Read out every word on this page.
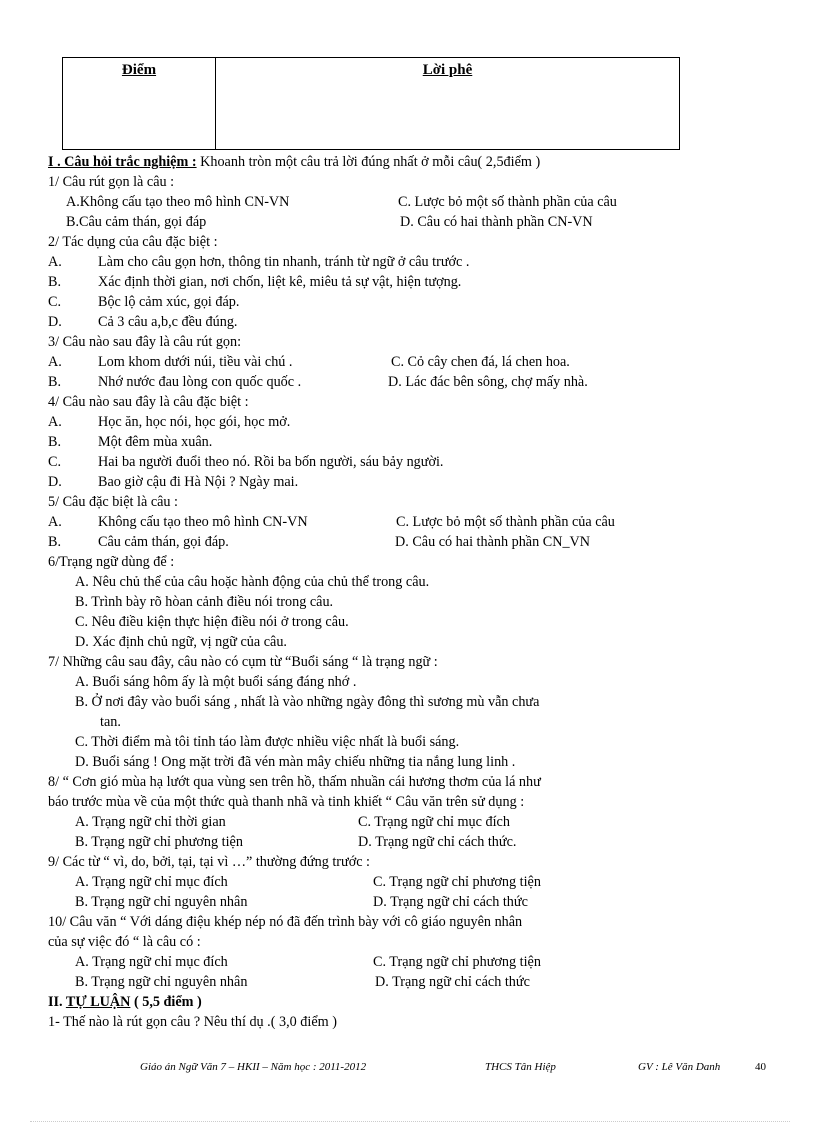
Điểm	Lời phê
I . Câu hỏi trắc nghiệm : Khoanh tròn một câu trả lời đúng nhất ở mỗi câu( 2,5điểm )
1/ Câu rút gọn là câu :
A.Không cấu tạo theo mô hình CN-VN	C. Lược bỏ một số thành phần của câu
B.Câu cảm thán, gọi đáp	D. Câu có hai thành phần CN-VN
2/ Tác dụng của câu đặc biệt :
A.	Làm cho câu gọn hơn, thông tin nhanh, tránh từ ngữ ở câu trước .
B.	Xác định thời gian, nơi chốn, liệt kê, miêu tả sự vật, hiện tượng.
C.	Bộc lộ cảm xúc, gọi đáp.
D.	Cả 3 câu a,b,c đều đúng.
3/ Câu nào sau đây là câu rút gọn:
A.	Lom khom dưới núi, tiều vài chú .	C. Cỏ cây chen đá, lá chen hoa.
B.	Nhớ nước đau lòng con quốc quốc .	D. Lác đác bên sông, chợ mấy nhà.
4/ Câu nào sau đây là câu đặc biệt :
A.	Học ăn, học nói, học gói, học mở.
B.	Một đêm mùa xuân.
C.	Hai ba người đuổi theo nó. Rồi ba bốn người, sáu bảy người.
D.	Bao giờ cậu đi Hà Nội ? Ngày mai.
5/ Câu đặc biệt là câu :
A.	Không cấu tạo theo mô hình CN-VN	C. Lược bỏ một số thành phần của câu
B.	Câu cảm thán, gọi đáp.	D. Câu có hai thành phần CN_VN
6/Trạng ngữ dùng để :
A. Nêu chủ thể của câu hoặc hành động của chủ thể trong câu.
B. Trình bày rõ hòan cảnh điều nói trong câu.
C. Nêu điều kiện thực hiện điều nói ở trong câu.
D. Xác định chủ ngữ, vị ngữ của câu.
7/ Những câu sau đây, câu nào có cụm từ “Buổi sáng “ là trạng ngữ :
A. Buổi sáng hôm ấy là một buổi sáng đáng nhớ .
B. Ở nơi đây vào buổi sáng , nhất là vào những ngày đông thì sương mù vẫn chưa
tan.
C. Thời điểm mà tôi tỉnh táo làm được nhiều việc nhất là buổi sáng.
D. Buổi sáng ! Ong mặt trời đã vén màn mây chiếu những tia nắng lung linh .
8/ “ Cơn gió mùa hạ lướt qua vùng sen trên hồ, thấm nhuần cái hương thơm của lá như
báo trước mùa về của một thức quà thanh nhã và tinh khiết “ Câu văn trên sử dụng :
A. Trạng ngữ chỉ thời gian	C. Trạng ngữ chỉ mục đích
B. Trạng ngữ chỉ phương tiện	D. Trạng ngữ chỉ cách thức.
9/ Các từ “ vì, do, bởi, tại, tại vì …” thường đứng trước :
A. Trạng ngữ chỉ mục đích	C. Trạng ngữ chỉ phương tiện
B. Trạng ngữ chỉ nguyên nhân	D. Trạng ngữ chỉ cách thức
10/ Câu văn “ Với dáng điệu khép nép nó đã đến trình bày với cô giáo nguyên nhân
của sự việc đó “ là câu có :
A. Trạng ngữ chỉ mục đích	C. Trạng ngữ chỉ phương tiện
B. Trạng ngữ chỉ nguyên nhân	D. Trạng ngữ chỉ cách thức
II. TỰ LUẬN ( 5,5 điểm )
1- Thế nào là rút gọn câu ? Nêu thí dụ .( 3,0 điểm )
Giáo án Ngữ Văn 7 – HKII – Năm học : 2011-2012	THCS Tân Hiệp	GV : Lê Văn Danh	40
